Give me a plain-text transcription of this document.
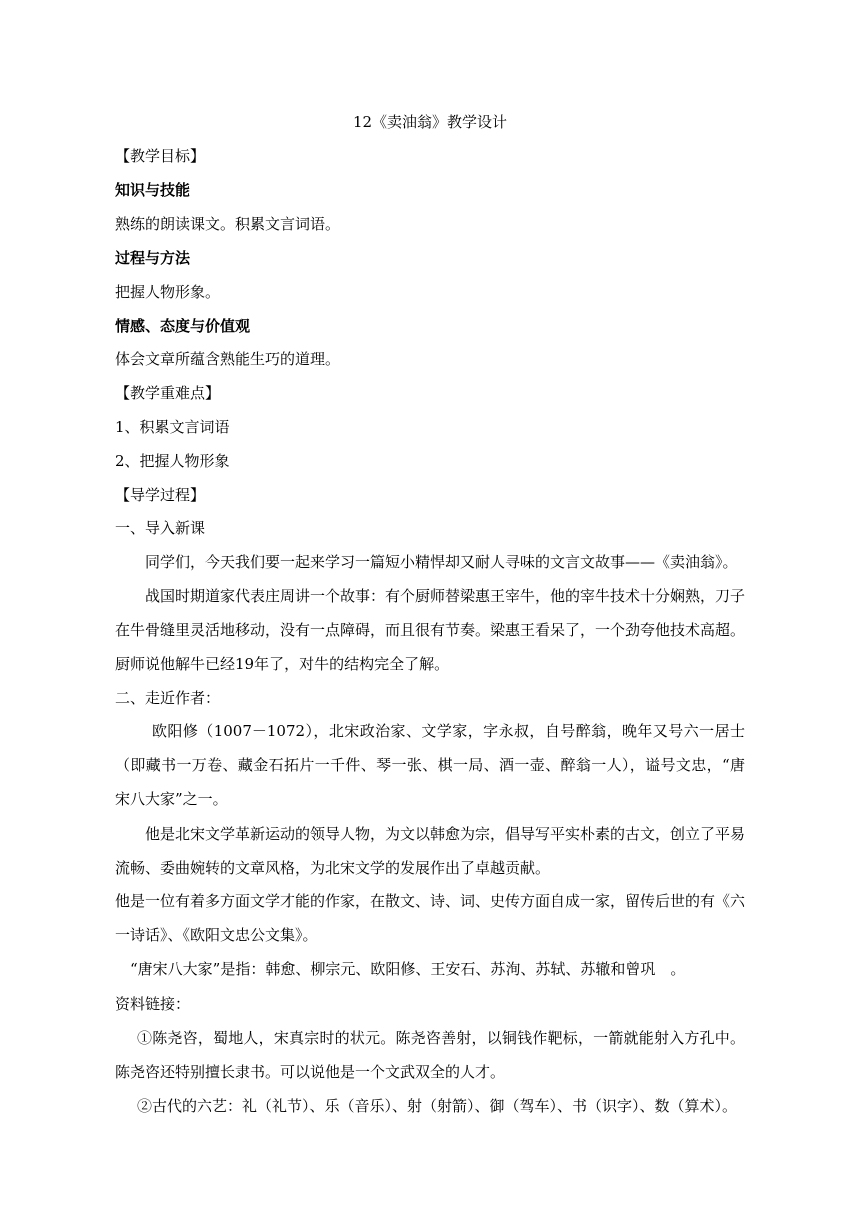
12《卖油翁》教学设计

【教学目标】

知识与技能

熟练的朗读课文。积累文言词语。

过程与方法

把握人物形象。

情感、态度与价值观

体会文章所蕴含熟能生巧的道理。

【教学重难点】

1、积累文言词语

2、把握人物形象

【导学过程】

一、导入新课

同学们，今天我们要一起来学习一篇短小精悍却又耐人寻味的文言文故事——《卖油翁》。

战国时期道家代表庄周讲一个故事：有个厨师替梁惠王宰牛，他的宰牛技术十分娴熟，刀子在牛骨缝里灵活地移动，没有一点障碍，而且很有节奏。梁惠王看呆了，一个劲夸他技术高超。厨师说他解牛已经19年了，对牛的结构完全了解。

二、走近作者：

欧阳修（1007－1072），北宋政治家、文学家，字永叔，自号醉翁，晚年又号六一居士（即藏书一万卷、藏金石拓片一千件、琴一张、棋一局、酒一壶、醉翁一人），谥号文忠，“唐宋八大家”之一。

他是北宋文学革新运动的领导人物，为文以韩愈为宗，倡导写平实朴素的古文，创立了平易流畅、委曲婉转的文章风格，为北宋文学的发展作出了卓越贡献。

他是一位有着多方面文学才能的作家，在散文、诗、词、史传方面自成一家，留传后世的有《六一诗话》、《欧阳文忠公文集》。

“唐宋八大家”是指：韩愈、柳宗元、欧阳修、王安石、苏洵、苏轼、苏辙和曾巩　。

资料链接：

①陈尧咨，蜀地人，宋真宗时的状元。陈尧咨善射，以铜钱作靶标，一箭就能射入方孔中。陈尧咨还特别擅长隶书。可以说他是一个文武双全的人才。

②古代的六艺：礼（礼节）、乐（音乐）、射（射箭）、御（驾车）、书（识字）、数（算术）。
